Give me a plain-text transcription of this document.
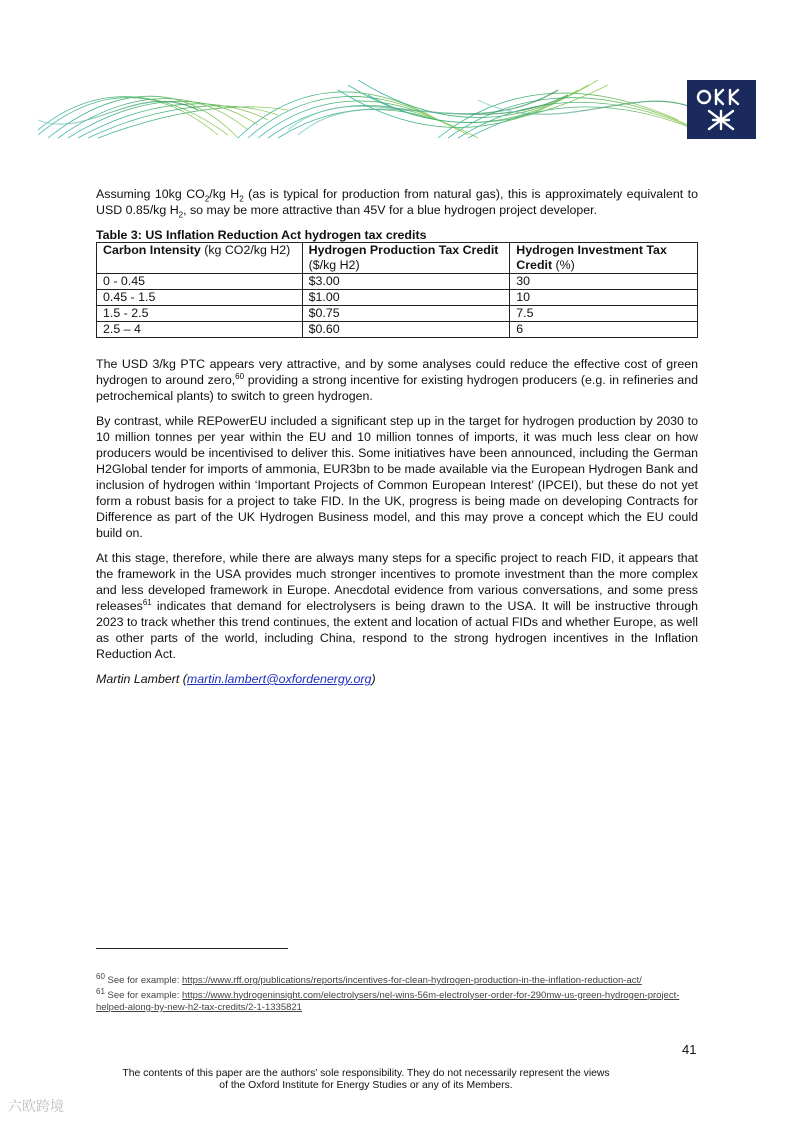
Assuming 10kg $CO_2/kg$ $H_2$ (as is typical for production from natural gas), this is approximately equivalent to USD 0.85/kg $H_2$, so may be more attractive than 45V for a blue hydrogen project developer.

Table 3: US Inflation Reduction Act hydrogen tax credits
Carbon Intensity (kg CO2/kg H2)	Hydrogen Production Tax Credit ($/kg H2)	Hydrogen Investment Tax Credit (%)
0 - 0.45	$3.00	30
0.45 - 1.5	$1.00	10
1.5 - 2.5	$0.75	7.5
2.5 – 4	$0.60	6

The USD 3/kg PTC appears very attractive, and by some analyses could reduce the effective cost of green hydrogen to around zero,$^{60}$ providing a strong incentive for existing hydrogen producers (e.g. in refineries and petrochemical plants) to switch to green hydrogen.

By contrast, while REPowerEU included a significant step up in the target for hydrogen production by 2030 to 10 million tonnes per year within the EU and 10 million tonnes of imports, it was much less clear on how producers would be incentivised to deliver this. Some initiatives have been announced, including the German H2Global tender for imports of ammonia, EUR3bn to be made available via the European Hydrogen Bank and inclusion of hydrogen within ‘Important Projects of Common European Interest’ (IPCEI), but these do not yet form a robust basis for a project to take FID. In the UK, progress is being made on developing Contracts for Difference as part of the UK Hydrogen Business model, and this may prove a concept which the EU could build on.

At this stage, therefore, while there are always many steps for a specific project to reach FID, it appears that the framework in the USA provides much stronger incentives to promote investment than the more complex and less developed framework in Europe. Anecdotal evidence from various conversations, and some press releases$^{61}$ indicates that demand for electrolysers is being drawn to the USA. It will be instructive through 2023 to track whether this trend continues, the extent and location of actual FIDs and whether Europe, as well as other parts of the world, including China, respond to the strong hydrogen incentives in the Inflation Reduction Act.

Martin Lambert (martin.lambert@oxfordenergy.org)

$^{60}$ See for example: https://www.rff.org/publications/reports/incentives-for-clean-hydrogen-production-in-the-inflation-reduction-act/
$^{61}$ See for example: https://www.hydrogeninsight.com/electrolysers/nel-wins-56m-electrolyser-order-for-290mw-us-green-hydrogen-project-helped-along-by-new-h2-tax-credits/2-1-1335821
41
The contents of this paper are the authors’ sole responsibility. They do not necessarily represent the views
of the Oxford Institute for Energy Studies or any of its Members.
六欧跨境
